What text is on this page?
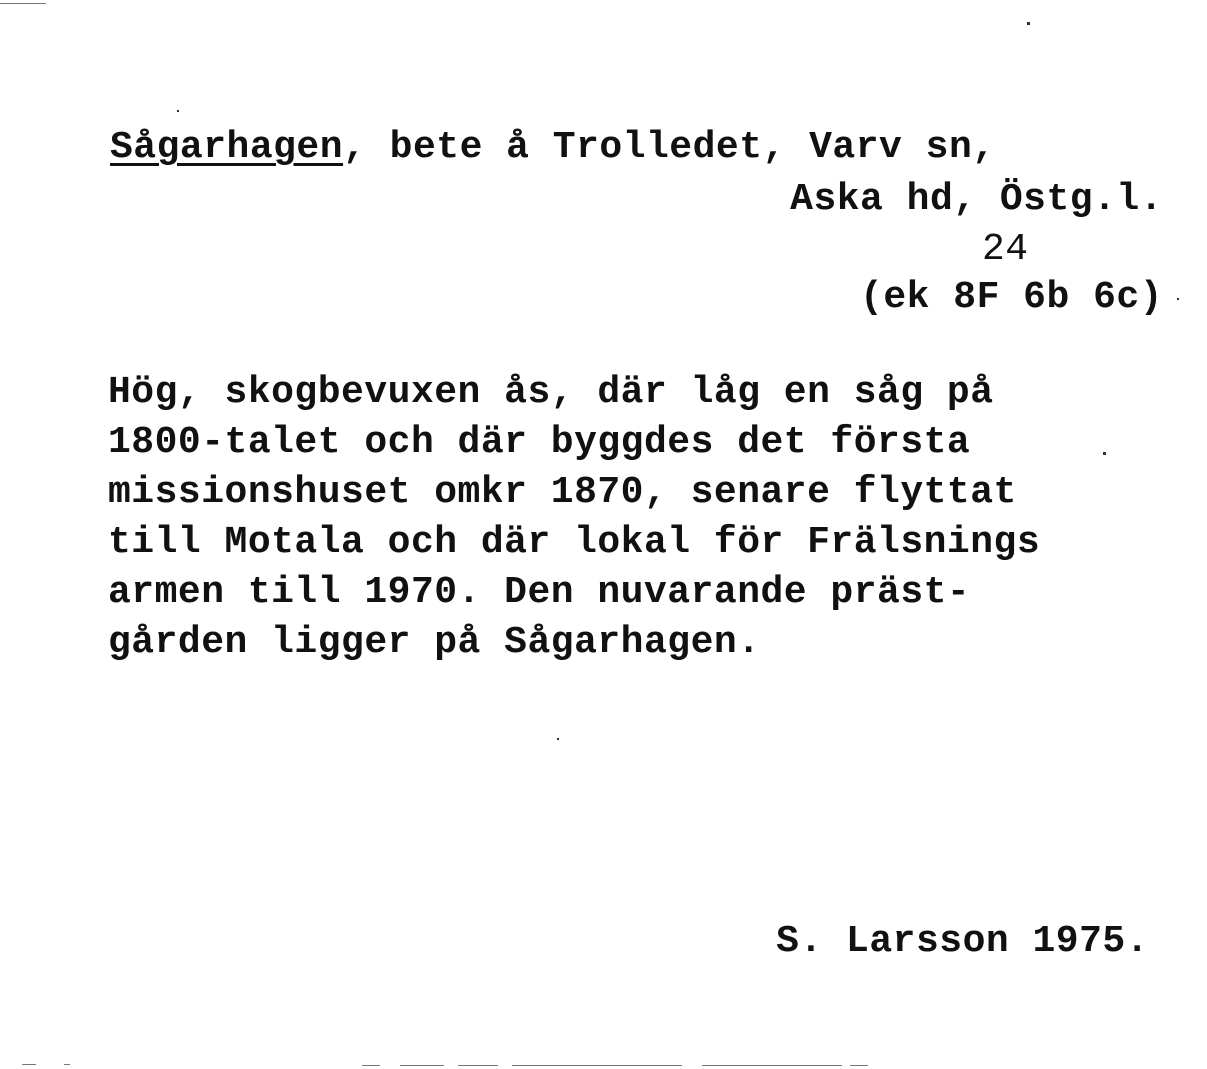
Sågarhagen, bete å Trolledet, Varv sn,
Aska hd, Östg.l.
24
(ek 8F 6b 6c)
Hög, skogbevuxen ås, där låg en såg på
1800-talet och där byggdes det första
missionshuset omkr 1870, senare flyttat
till Motala och där lokal för Frälsnings
armen till 1970. Den nuvarande präst-
gården ligger på Sågarhagen.
S. Larsson 1975.
